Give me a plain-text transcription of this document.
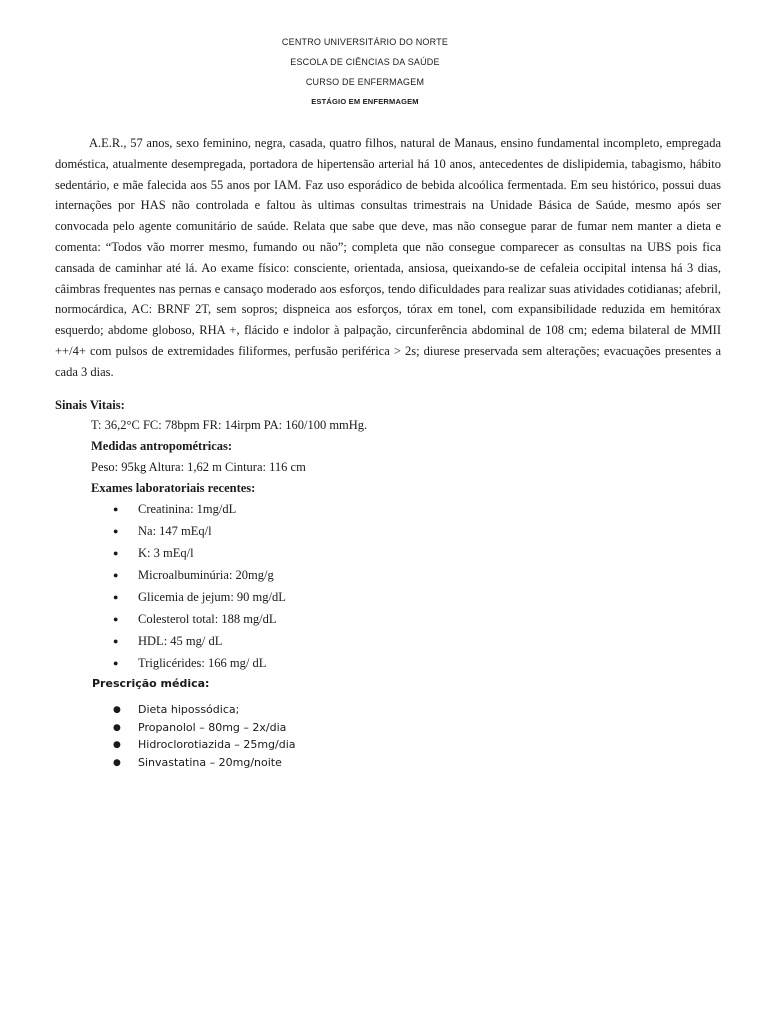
CENTRO UNIVERSITÁRIO DO NORTE
ESCOLA DE CIÊNCIAS DA SAÚDE
CURSO DE ENFERMAGEM
ESTÁGIO EM ENFERMAGEM

A.E.R., 57 anos, sexo feminino, negra, casada, quatro filhos, natural de Manaus, ensino fundamental incompleto, empregada doméstica, atualmente desempregada, portadora de hipertensão arterial há 10 anos, antecedentes de dislipidemia, tabagismo, hábito sedentário, e mãe falecida aos 55 anos por IAM. Faz uso esporádico de bebida alcoólica fermentada. Em seu histórico, possui duas internações por HAS não controlada e faltou às ultimas consultas trimestrais na Unidade Básica de Saúde, mesmo após ser convocada pelo agente comunitário de saúde. Relata que sabe que deve, mas não consegue parar de fumar nem manter a dieta e comenta: “Todos vão morrer mesmo, fumando ou não”; completa que não consegue comparecer as consultas na UBS pois fica cansada de caminhar até lá. Ao exame físico: consciente, orientada, ansiosa, queixando-se de cefaleia occipital intensa há 3 dias, câimbras frequentes nas pernas e cansaço moderado aos esforços, tendo dificuldades para realizar suas atividades cotidianas; afebril, normocárdica, AC: BRNF 2T, sem sopros; dispneica aos esforços, tórax em tonel, com expansibilidade reduzida em hemitórax esquerdo; abdome globoso, RHA +, flácido e indolor à palpação, circunferência abdominal de 108 cm; edema bilateral de MMII ++/4+ com pulsos de extremidades filiformes, perfusão periférica > 2s; diurese preservada sem alterações; evacuações presentes a cada 3 dias.

Sinais Vitais:

T: 36,2°C FC: 78bpm FR: 14irpm PA: 160/100 mmHg.

Medidas antropométricas:

Peso: 95kg Altura: 1,62 m Cintura: 116 cm

Exames laboratoriais recentes:

● Creatinina: 1mg/dL
● Na: 147 mEq/l
● K: 3 mEq/l
● Microalbuminúria: 20mg/g
● Glicemia de jejum: 90 mg/dL
● Colesterol total: 188 mg/dL
● HDL: 45 mg/ dL
● Triglicérides: 166 mg/ dL

Prescrição médica:

● Dieta hipossódica;
● Propanolol – 80mg – 2x/dia
● Hidroclorotiazida – 25mg/dia
● Sinvastatina – 20mg/noite
